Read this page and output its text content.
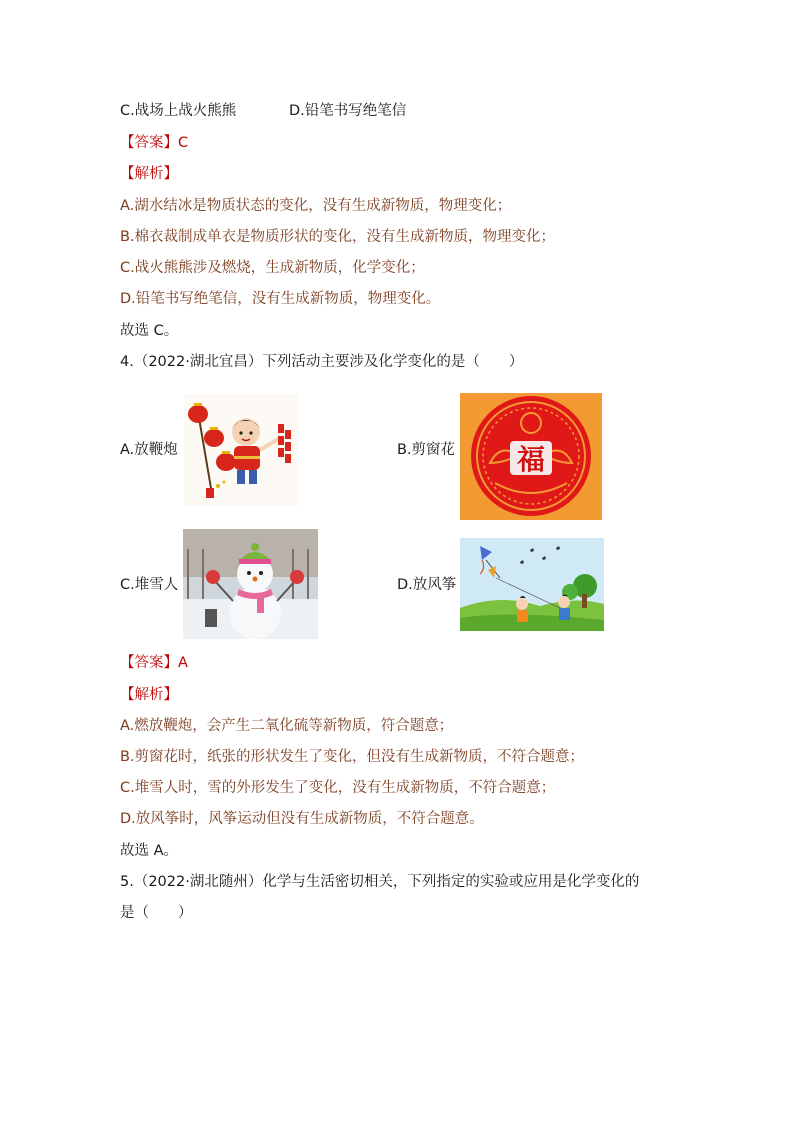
C.战场上战火熊熊	D.铅笔书写绝笔信
【答案】C
【解析】
A.湖水结冰是物质状态的变化，没有生成新物质，物理变化；
B.棉衣裁制成单衣是物质形状的变化，没有生成新物质，物理变化；
C.战火熊熊涉及燃烧，生成新物质，化学变化；
D.铅笔书写绝笔信，没有生成新物质，物理变化。
故选 C。
4.（2022·湖北宜昌）下列活动主要涉及化学变化的是（　　）
A.放鞭炮	B.剪窗花 福
C.堆雪人	D.放风筝
【答案】A
【解析】
A.燃放鞭炮，会产生二氧化硫等新物质，符合题意；
B.剪窗花时，纸张的形状发生了变化，但没有生成新物质，不符合题意；
C.堆雪人时，雪的外形发生了变化，没有生成新物质，不符合题意；
D.放风筝时，风筝运动但没有生成新物质，不符合题意。
故选 A。
5.（2022·湖北随州）化学与生活密切相关，下列指定的实验或应用是化学变化的
是（　　）
